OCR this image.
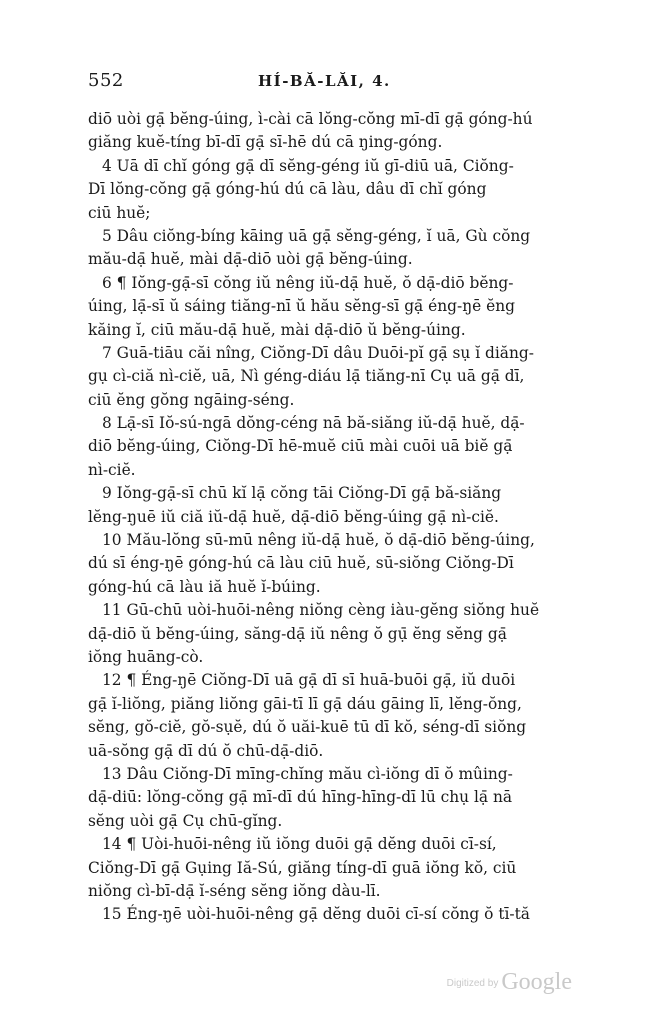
552	HÍ-BĂ-LĂI, 4.
diō uòi gạ̄ bĕng-úing, ì-cài cā lŏng-cŏng mī-dī gạ̄ góng-hú
giăng kuĕ-tíng bī-dī gạ̄ sī-hē dú cā ŋing-góng.
4 Uā dī chĭ góng gạ̄ dī sĕng-géng iŭ gī-diū uā, Ciŏng-
Dī lŏng-cŏng gạ̄ góng-hú dú cā làu, dâu dī chĭ góng
ciū huĕ;
5 Dâu ciŏng-bíng kāing uā gạ̄ sĕng-géng, ĭ uā, Gù cŏng
mău-dạ̄ huĕ, mài dạ̄-diō uòi gạ̄ bĕng-úing.
6 ¶ Iŏng-gạ̄-sī cŏng iŭ nêng iŭ-dạ̄ huĕ, ŏ dạ̄-diō bĕng-
úing, lạ̄-sī ŭ sáing tiăng-nī ŭ hău sĕng-sī gạ̄ éng-ŋē ĕng
kăing ĭ, ciū mău-dạ̄ huĕ, mài dạ̄-diō ŭ bĕng-úing.
7 Guā-tiāu căi nîng, Ciŏng-Dī dâu Duōi-pĭ gạ̄ sụ ĭ diăng-
gụ cì-ciă nì-ciĕ, uā, Nì géng-diáu lạ̄ tiăng-nī Cụ uā gạ̄ dī,
ciū ĕng gŏng ngāing-séng.
8 Lạ̄-sī Iŏ-sú-ngā dŏng-céng nā bă-siăng iŭ-dạ̄ huĕ, dạ̄-
diō bĕng-úing, Ciŏng-Dī hē-muĕ ciū mài cuōi uā biĕ gạ̄
nì-ciĕ.
9 Iŏng-gạ̄-sī chū kĭ lạ̄ cŏng tāi Ciŏng-Dī gạ̄ bă-siăng
lĕng-ŋuē iŭ ciă iŭ-dạ̄ huĕ, dạ̄-diō bĕng-úing gạ̄ nì-ciĕ.
10 Mău-lŏng sū-mū nêng iŭ-dạ̄ huĕ, ŏ dạ̄-diō bĕng-úing,
dú sī éng-ŋē góng-hú cā làu ciū huĕ, sū-siŏng Ciŏng-Dī
góng-hú cā làu iă huĕ ĭ-búing.
11 Gū-chū uòi-huōi-nêng niŏng cèng iàu-gĕng siŏng huĕ
dạ̄-diō ŭ bĕng-úing, săng-dạ̄ iŭ nêng ŏ gụ̄ ĕng sĕng gạ̄
iŏng huāng-cò.
12 ¶ Éng-ŋē Ciŏng-Dī uā gạ̄ dī sī huā-buōi gạ̄, iŭ duōi
gạ̄ ĭ-liŏng, piăng liŏng gāi-tī lī gạ̄ dáu gāing lī, lĕng-ŏng,
sĕng, gŏ-ciĕ, gŏ-sụĕ, dú ŏ uăi-kuē tū dī kŏ, séng-dī siŏng
uā-sŏng gạ̄ dī dú ŏ chū-dạ̄-diō.
13 Dâu Ciŏng-Dī mīng-chĭng mău cì-iŏng dī ŏ mûing-
dạ̄-diū: lŏng-cŏng gạ̄ mī-dī dú hīng-hīng-dī lū chụ lạ̄ nā
sĕng uòi gạ̄ Cụ chū-gĭng.
14 ¶ Uòi-huōi-nêng iŭ iŏng duōi gạ̄ dĕng duōi cī-sí,
Ciŏng-Dī gạ̄ Gụing Iă-Sú, giăng tíng-dī guā iŏng kŏ, ciū
niŏng cì-bī-dạ̄ ĭ-séng sĕng iŏng dàu-lī.
15 Éng-ŋē uòi-huōi-nêng gạ̄ dĕng duōi cī-sí cŏng ŏ tī-tă
Digitized by Google
